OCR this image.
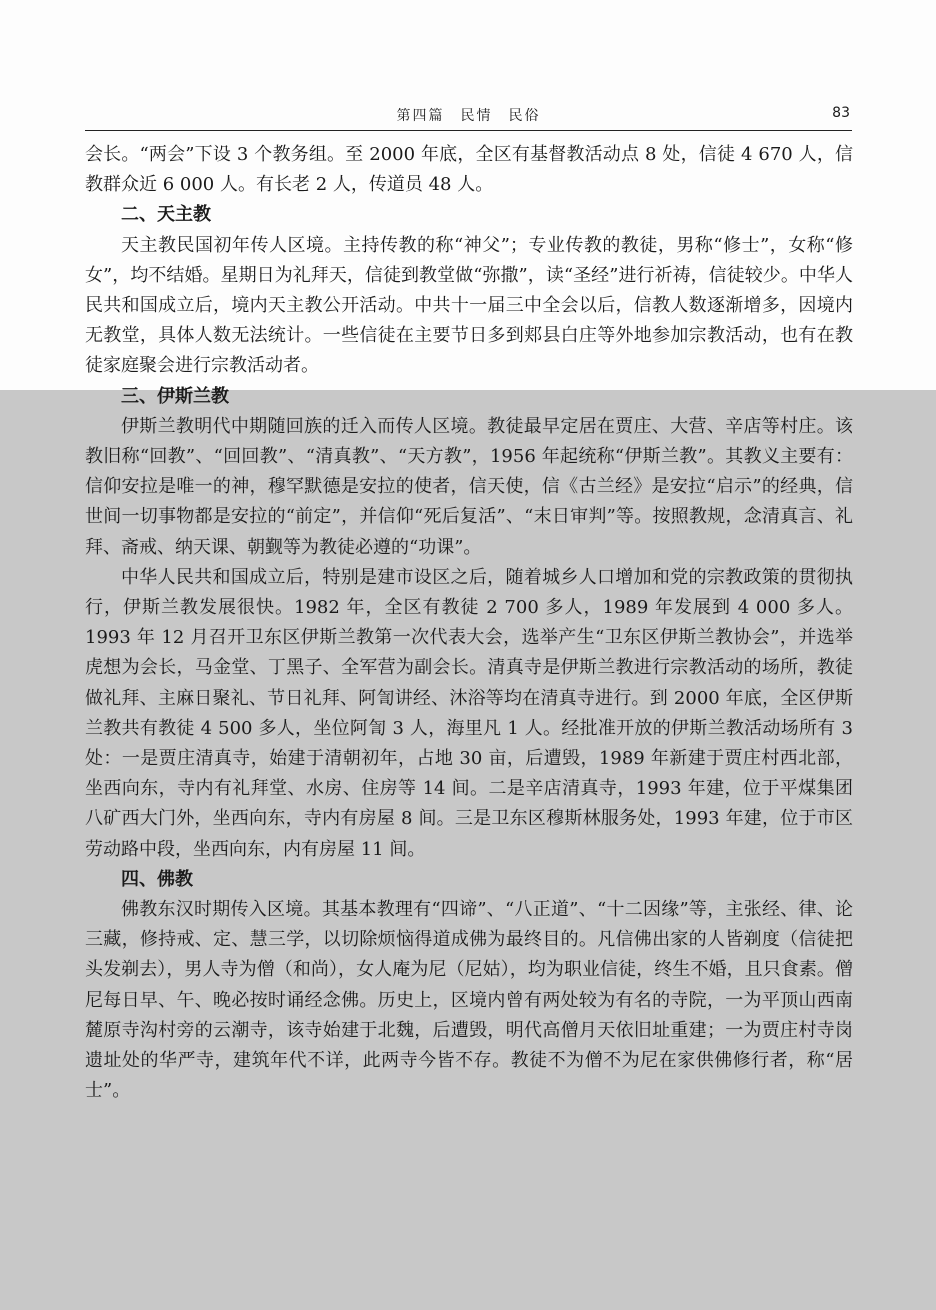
第四篇　民情　民俗	83

会长。“两会”下设 3 个教务组。至 2000 年底，全区有基督教活动点 8 处，信徒 4 670 人，信教群众近 6 000 人。有长老 2 人，传道员 48 人。

二、天主教

天主教民国初年传人区境。主持传教的称“神父”；专业传教的教徒，男称“修士”，女称“修女”，均不结婚。星期日为礼拜天，信徒到教堂做“弥撒”，读“圣经”进行祈祷，信徒较少。中华人民共和国成立后，境内天主教公开活动。中共十一届三中全会以后，信教人数逐渐增多，因境内无教堂，具体人数无法统计。一些信徒在主要节日多到郏县白庄等外地参加宗教活动，也有在教徒家庭聚会进行宗教活动者。

三、伊斯兰教

伊斯兰教明代中期随回族的迁入而传人区境。教徒最早定居在贾庄、大营、辛店等村庄。该教旧称“回教”、“回回教”、“清真教”、“天方教”，1956 年起统称“伊斯兰教”。其教义主要有：信仰安拉是唯一的神，穆罕默德是安拉的使者，信天使，信《古兰经》是安拉“启示”的经典，信世间一切事物都是安拉的“前定”，并信仰“死后复活”、“末日审判”等。按照教规，念清真言、礼拜、斋戒、纳天课、朝觐等为教徒必遵的“功课”。

中华人民共和国成立后，特别是建市设区之后，随着城乡人口增加和党的宗教政策的贯彻执行，伊斯兰教发展很快。1982 年，全区有教徒 2 700 多人，1989 年发展到 4 000 多人。1993 年 12 月召开卫东区伊斯兰教第一次代表大会，选举产生“卫东区伊斯兰教协会”，并选举虎想为会长，马金堂、丁黑子、全军营为副会长。清真寺是伊斯兰教进行宗教活动的场所，教徒做礼拜、主麻日聚礼、节日礼拜、阿訇讲经、沐浴等均在清真寺进行。到 2000 年底，全区伊斯兰教共有教徒 4 500 多人，坐位阿訇 3 人，海里凡 1 人。经批准开放的伊斯兰教活动场所有 3 处：一是贾庄清真寺，始建于清朝初年，占地 30 亩，后遭毁，1989 年新建于贾庄村西北部，坐西向东，寺内有礼拜堂、水房、住房等 14 间。二是辛店清真寺，1993 年建，位于平煤集团八矿西大门外，坐西向东，寺内有房屋 8 间。三是卫东区穆斯林服务处，1993 年建，位于市区劳动路中段，坐西向东，内有房屋 11 间。

四、佛教

佛教东汉时期传入区境。其基本教理有“四谛”、“八正道”、“十二因缘”等，主张经、律、论三藏，修持戒、定、慧三学，以切除烦恼得道成佛为最终目的。凡信佛出家的人皆剃度（信徒把头发剃去），男人寺为僧（和尚），女人庵为尼（尼姑），均为职业信徒，终生不婚，且只食素。僧尼每日早、午、晚必按时诵经念佛。历史上，区境内曾有两处较为有名的寺院，一为平顶山西南麓原寺沟村旁的云潮寺，该寺始建于北魏，后遭毁，明代高僧月天依旧址重建；一为贾庄村寺岗遗址处的华严寺，建筑年代不详，此两寺今皆不存。教徒不为僧不为尼在家供佛修行者，称“居士”。
